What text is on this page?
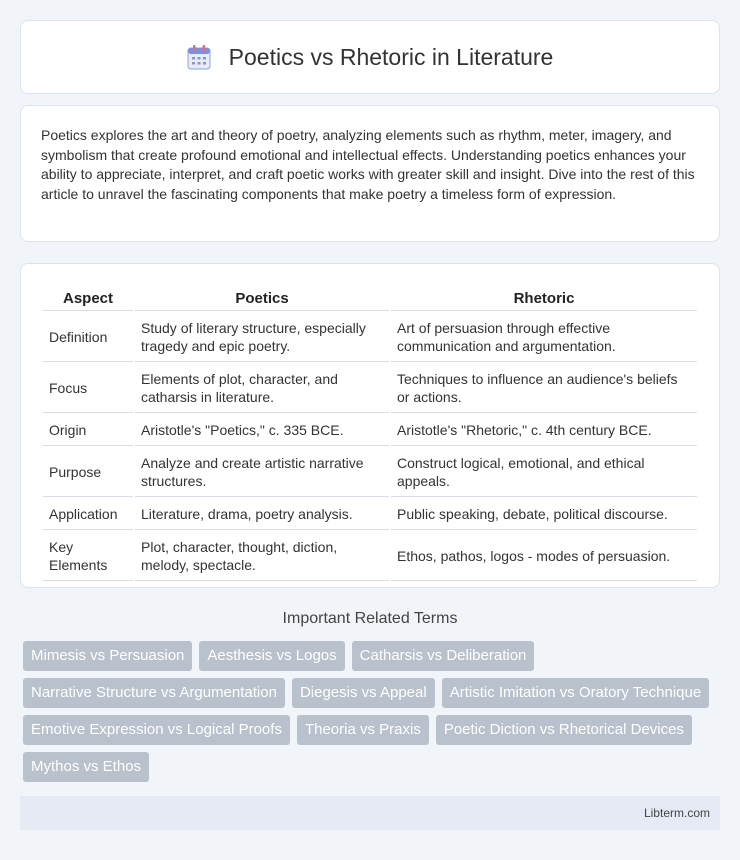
Poetics vs Rhetoric in Literature

Poetics explores the art and theory of poetry, analyzing elements such as rhythm, meter, imagery, and symbolism that create profound emotional and intellectual effects. Understanding poetics enhances your ability to appreciate, interpret, and craft poetic works with greater skill and insight. Dive into the rest of this article to unravel the fascinating components that make poetry a timeless form of expression.

Aspect	Poetics	Rhetoric
Definition	Study of literary structure, especially tragedy and epic poetry.	Art of persuasion through effective communication and argumentation.
Focus	Elements of plot, character, and catharsis in literature.	Techniques to influence an audience's beliefs or actions.
Origin	Aristotle's "Poetics," c. 335 BCE.	Aristotle's "Rhetoric," c. 4th century BCE.
Purpose	Analyze and create artistic narrative structures.	Construct logical, emotional, and ethical appeals.
Application	Literature, drama, poetry analysis.	Public speaking, debate, political discourse.
Key Elements	Plot, character, thought, diction, melody, spectacle.	Ethos, pathos, logos - modes of persuasion.
Important Related Terms
Mimesis vs Persuasion	Aesthesis vs Logos	Catharsis vs Deliberation
Narrative Structure vs Argumentation	Diegesis vs Appeal	Artistic Imitation vs Oratory Technique
Emotive Expression vs Logical Proofs	Theoria vs Praxis	Poetic Diction vs Rhetorical Devices
Mythos vs Ethos
Libterm.com
